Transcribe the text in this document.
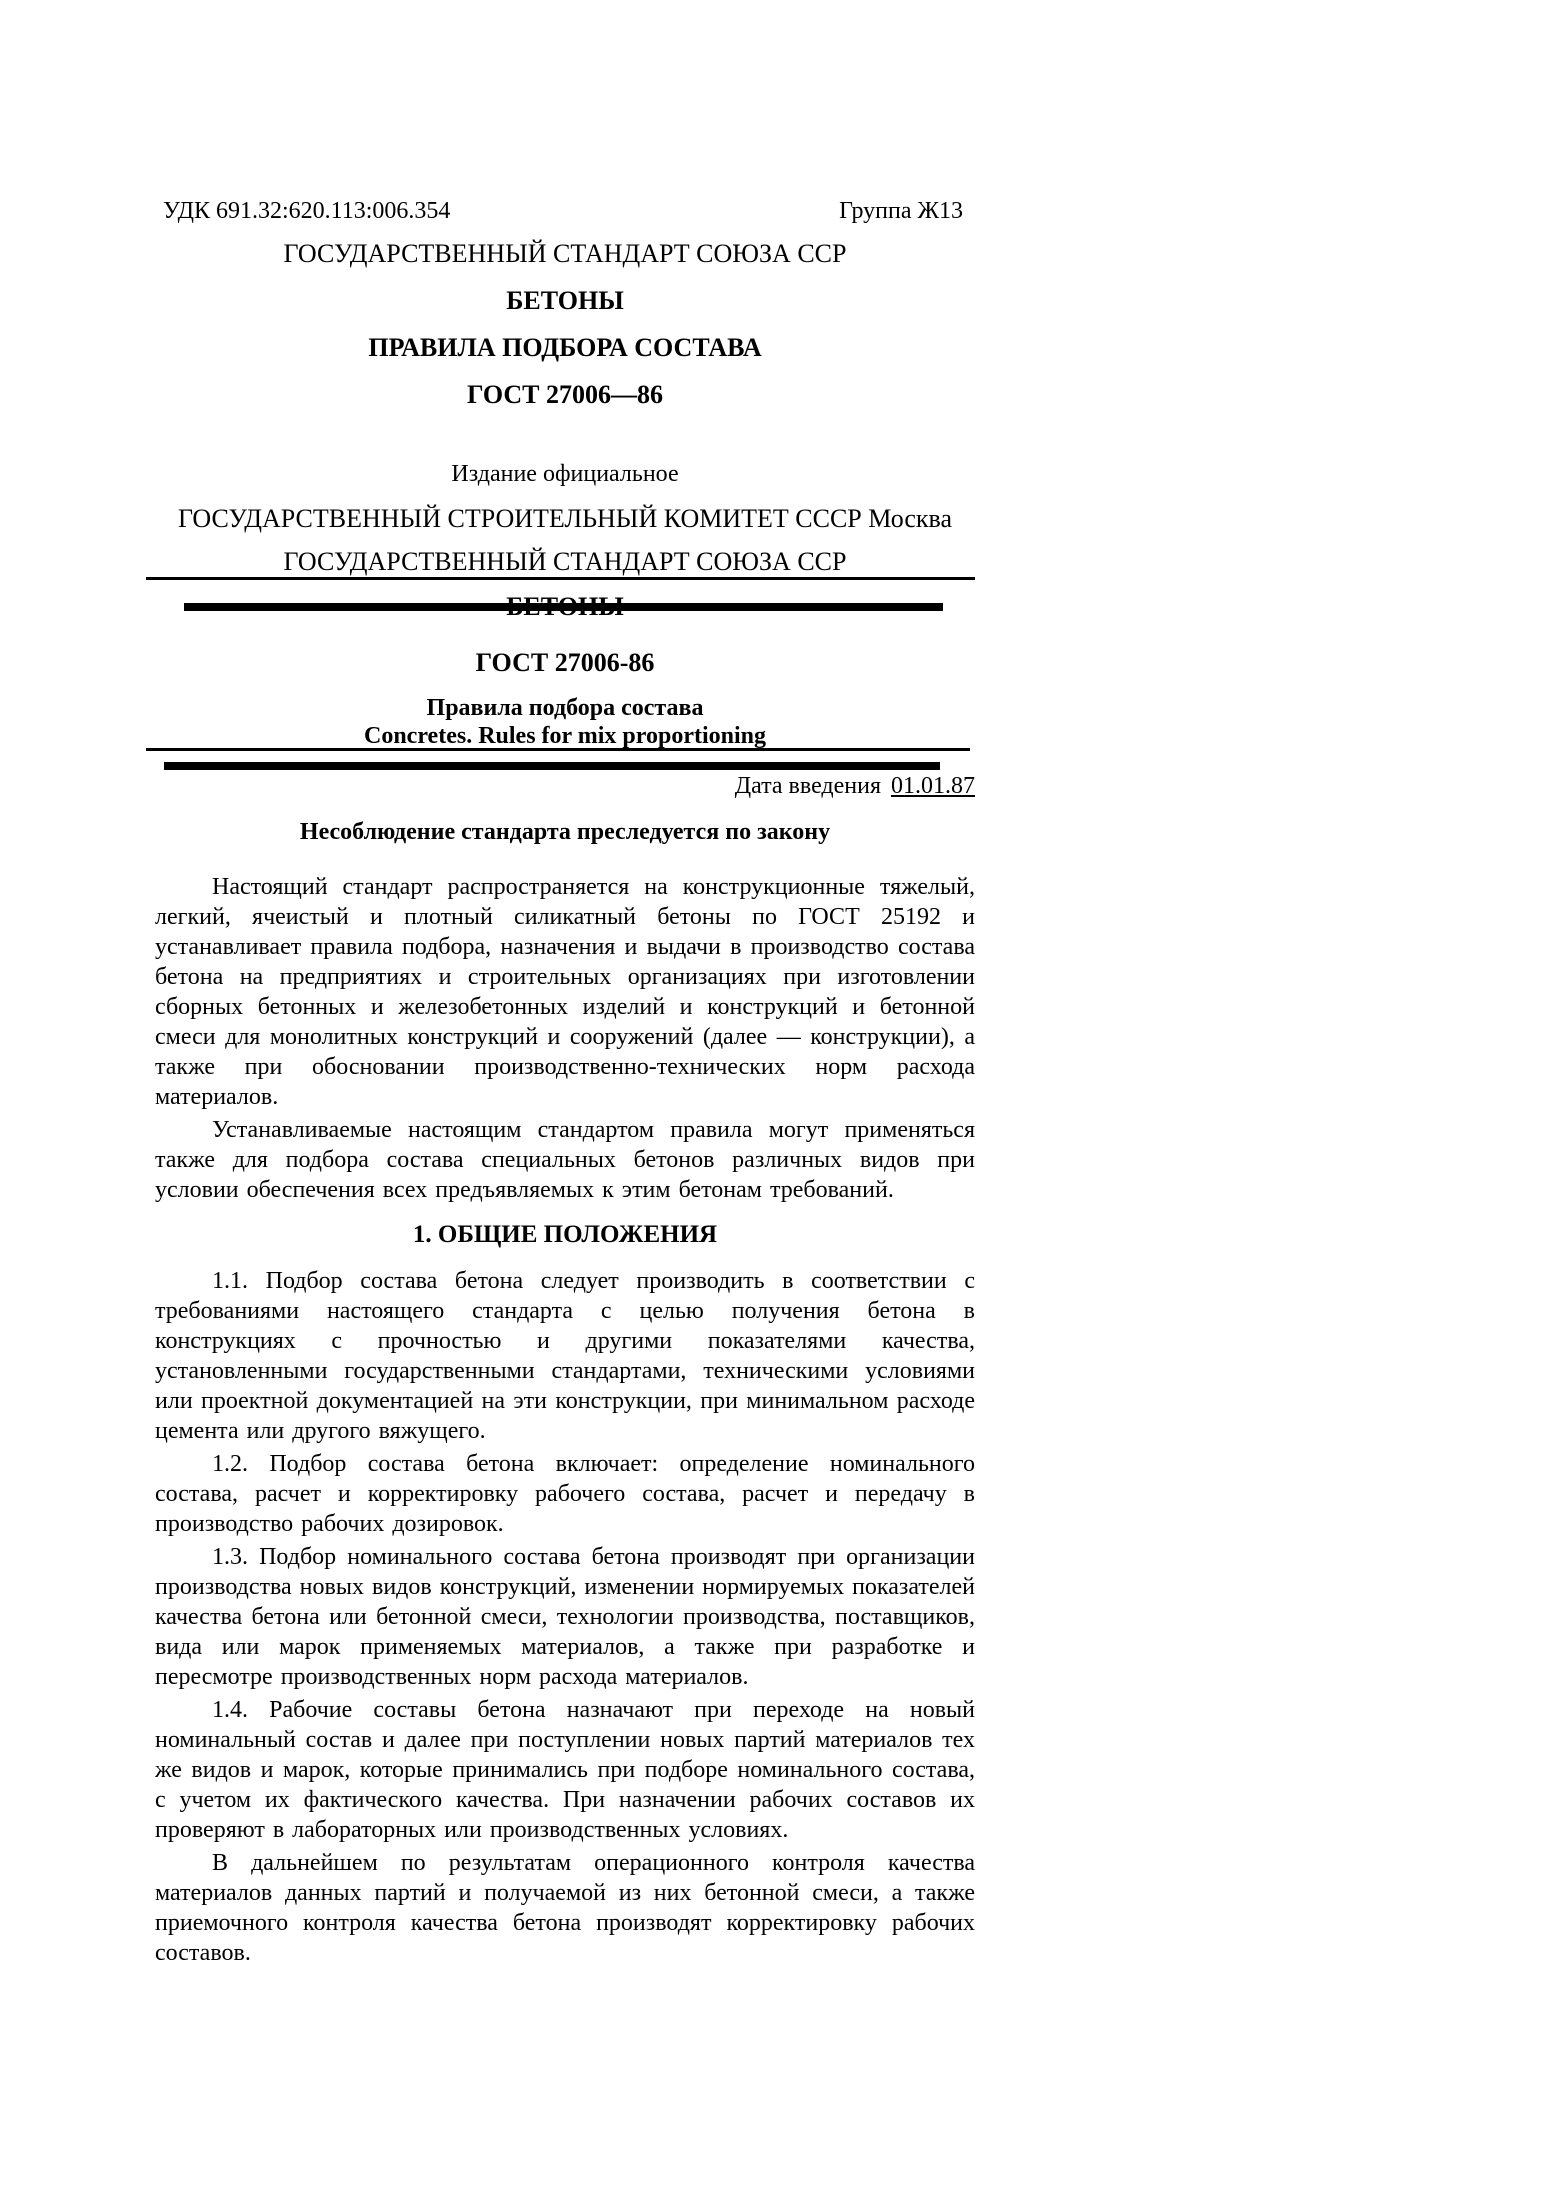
УДК 691.32:620.113:006.354	Группа Ж13
ГОСУДАРСТВЕННЫЙ СТАНДАРТ СОЮЗА ССР
БЕТОНЫ
ПРАВИЛА ПОДБОРА СОСТАВА
ГОСТ 27006—86
Издание официальное
ГОСУДАРСТВЕННЫЙ СТРОИТЕЛЬНЫЙ КОМИТЕТ СССР Москва
ГОСУДАРСТВЕННЫЙ СТАНДАРТ СОЮЗА ССР
ГОСТ 27006-86
Правила подбора состава
Concretes. Rules for mix proportioning
Дата введения 01.01.87
Несоблюдение стандарта преследуется по закону

Настоящий стандарт распространяется на конструкционные тяжелый, легкий, ячеистый и плотный силикатный бетоны по ГОСТ 25192 и устанавливает правила подбора, назначения и выдачи в производство состава бетона на предприятиях и строительных организациях при изготовлении сборных бетонных и железобетонных изделий и конструкций и бетонной смеси для монолитных конструкций и сооружений (далее — конструкции), а также при обосновании производственно-технических норм расхода материалов.

Устанавливаемые настоящим стандартом правила могут применяться также для подбора состава специальных бетонов различных видов при условии обеспечения всех предъявляемых к этим бетонам требований.

1. ОБЩИЕ ПОЛОЖЕНИЯ

1.1. Подбор состава бетона следует производить в соответствии с требованиями настоящего стандарта с целью получения бетона в конструкциях с прочностью и другими показателями качества, установленными государственными стандартами, техническими условиями или проектной документацией на эти конструкции, при минимальном расходе цемента или другого вяжущего.

1.2. Подбор состава бетона включает: определение номинального состава, расчет и корректировку рабочего состава, расчет и передачу в производство рабочих дозировок.

1.3. Подбор номинального состава бетона производят при организации производства новых видов конструкций, изменении нормируемых показателей качества бетона или бетонной смеси, технологии производства, поставщиков, вида или марок применяемых материалов, а также при разработке и пересмотре производственных норм расхода материалов.

1.4. Рабочие составы бетона назначают при переходе на новый номинальный состав и далее при поступлении новых партий материалов тех же видов и марок, которые принимались при подборе номинального состава, с учетом их фактического качества. При назначении рабочих составов их проверяют в лабораторных или производственных условиях.

В дальнейшем по результатам операционного контроля качества материалов данных партий и получаемой из них бетонной смеси, а также приемочного контроля качества бетона производят корректировку рабочих составов.
